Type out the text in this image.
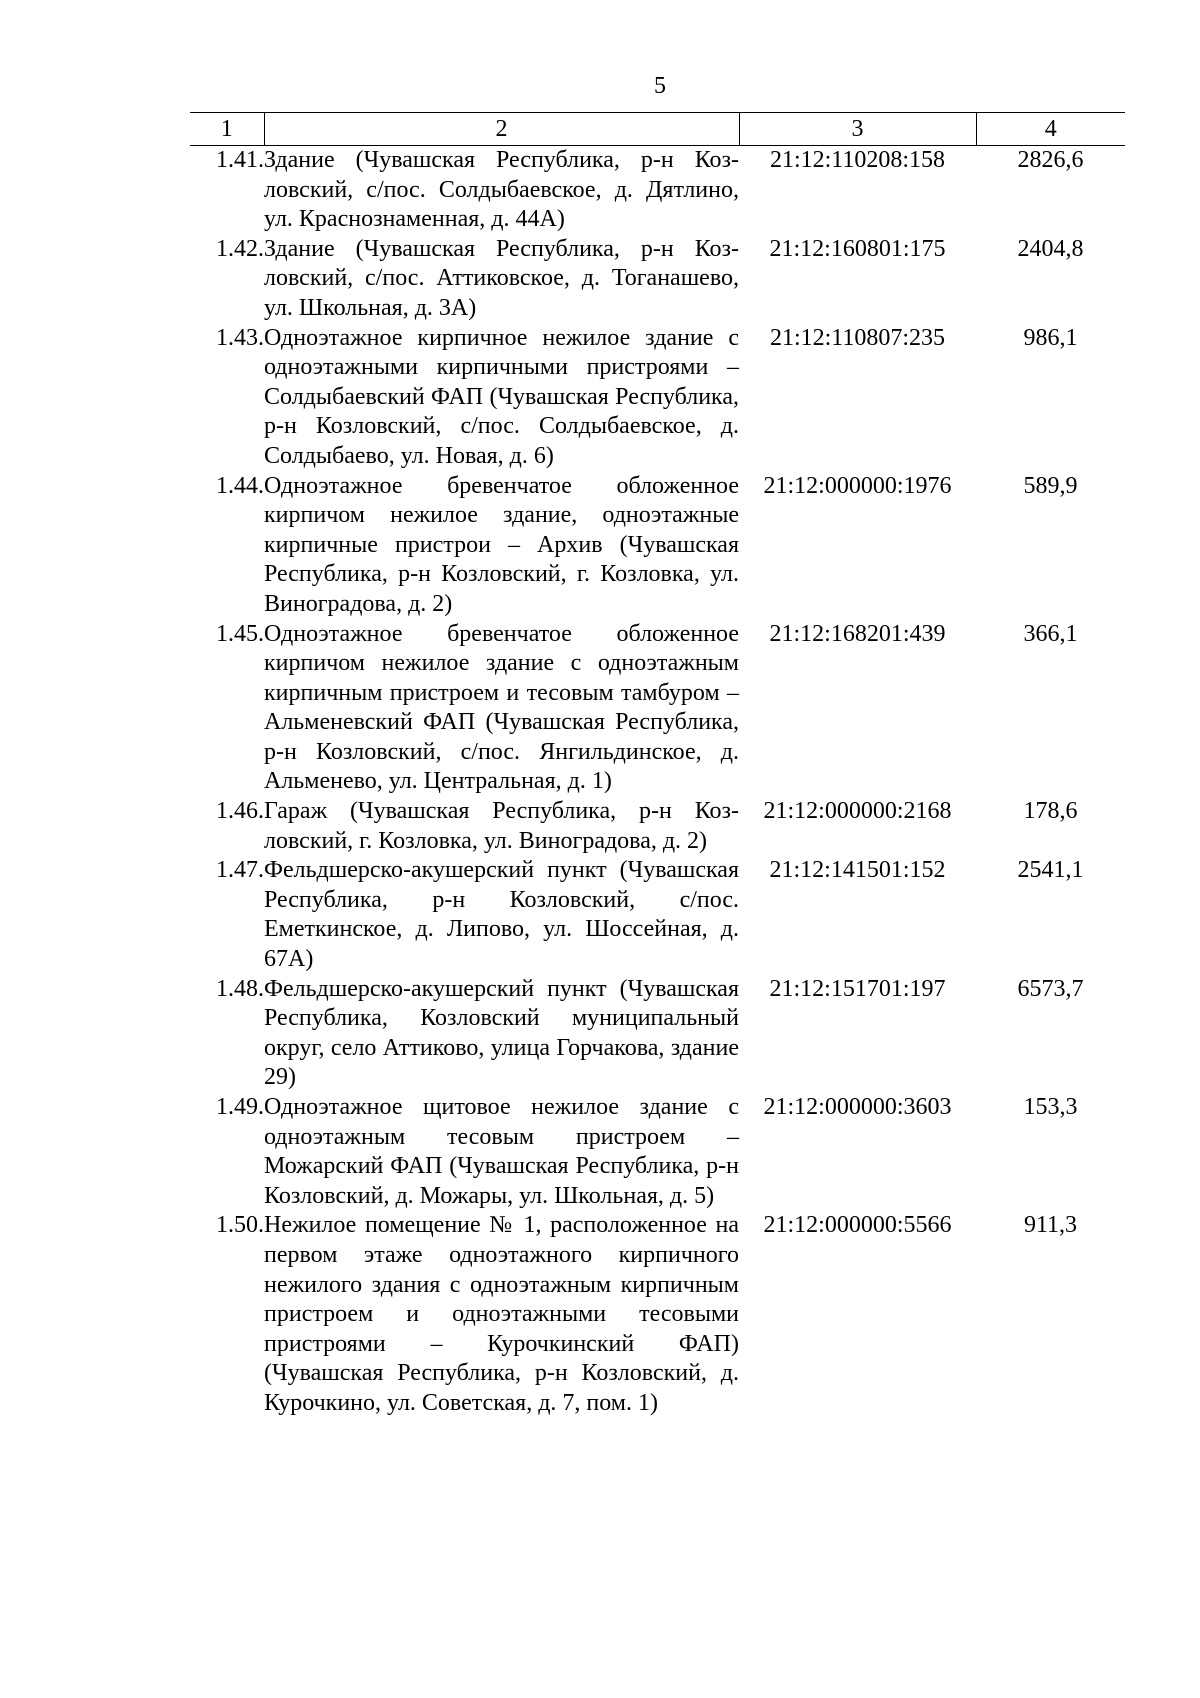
5
1	2	3	4
1.41.	Здание (Чувашская Республика, р-н Козловский, с/пос. Солдыбаевское, д. Дятлино, ул. Краснознаменная, д. 44А)	21:12:110208:158	2826,6
1.42.	Здание (Чувашская Республика, р-н Козловский, с/пос. Аттиковское, д. Тоганашево, ул. Школьная, д. 3А)	21:12:160801:175	2404,8
1.43.	Одноэтажное кирпичное нежилое здание с одноэтажными кирпичными пристроями – Солдыбаевский ФАП (Чувашская Республика, р-н Козловский, с/пос. Солдыбаевское, д. Солдыбаево, ул. Новая, д. 6)	21:12:110807:235	986,1
1.44.	Одноэтажное бревенчатое обложенное кирпичом нежилое здание, одноэтажные кирпичные пристрои – Архив (Чувашская Республика, р-н Козловский, г. Козловка, ул. Виноградова, д. 2)	21:12:000000:1976	589,9
1.45.	Одноэтажное бревенчатое обложенное кирпичом нежилое здание с одноэтажным кирпичным пристроем и тесовым тамбуром – Альменевский ФАП (Чувашская Республика, р-н Козловский, с/пос. Янгильдинское, д. Альменево, ул. Центральная, д. 1)	21:12:168201:439	366,1
1.46.	Гараж (Чувашская Республика, р-н Козловский, г. Козловка, ул. Виноградова, д. 2)	21:12:000000:2168	178,6
1.47.	Фельдшерско-акушерский пункт (Чувашская Республика, р-н Козловский, с/пос. Еметкинское, д. Липово, ул. Шоссейная, д. 67А)	21:12:141501:152	2541,1
1.48.	Фельдшерско-акушерский пункт (Чувашская Республика, Козловский муниципальный округ, село Аттиково, улица Горчакова, здание 29)	21:12:151701:197	6573,7
1.49.	Одноэтажное щитовое нежилое здание с одноэтажным тесовым пристроем – Можарский ФАП (Чувашская Республика, р-н Козловский, д. Можары, ул. Школьная, д. 5)	21:12:000000:3603	153,3
1.50.	Нежилое помещение № 1, расположенное на первом этаже одноэтажного кирпичного нежилого здания с одноэтажным кирпичным пристроем и одноэтажными тесовыми пристроями – Курочкинский ФАП) (Чувашская Республика, р-н Козловский, д. Курочкино, ул. Советская, д. 7, пом. 1)	21:12:000000:5566	911,3
